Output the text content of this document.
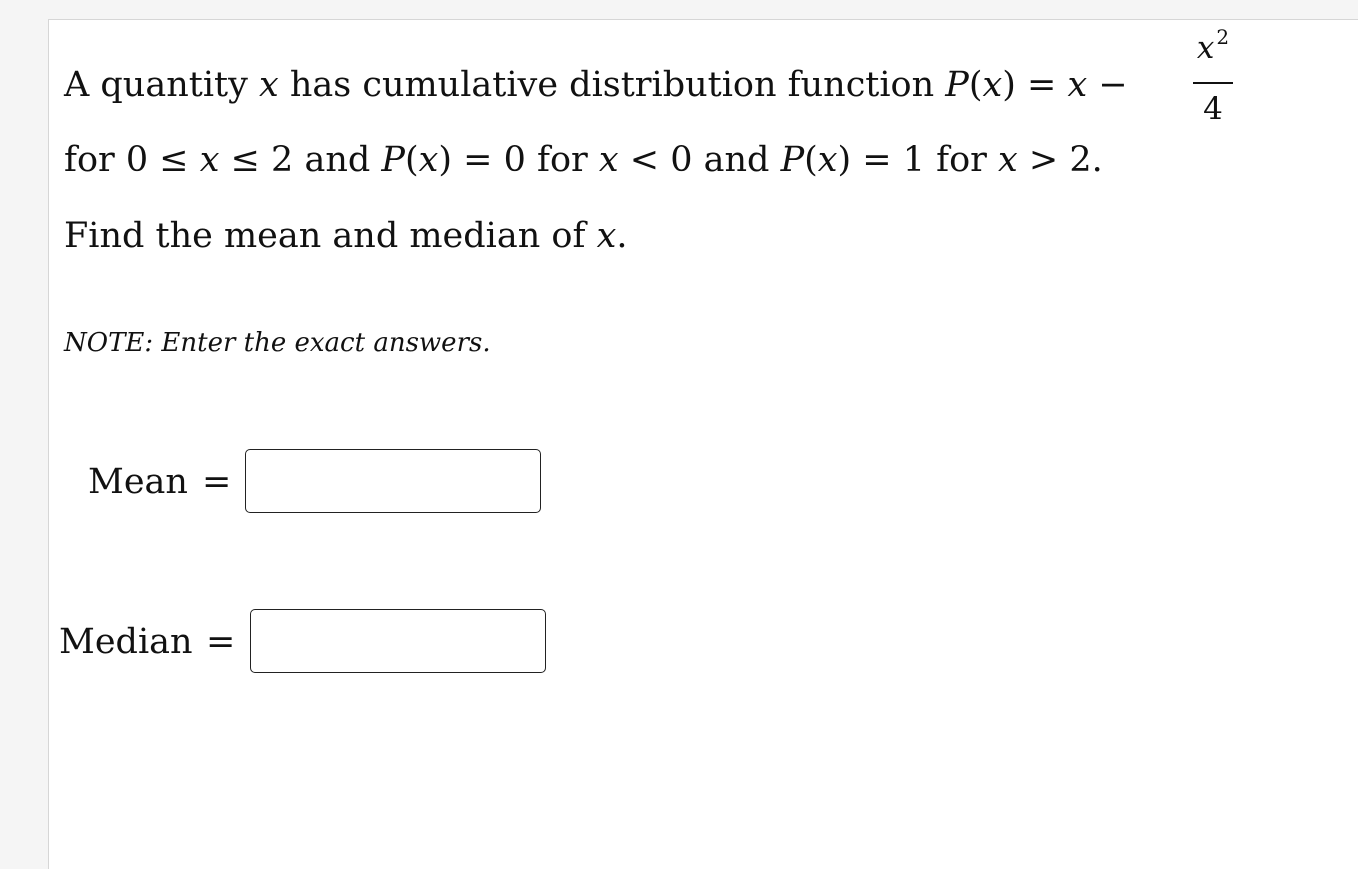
A quantity x has cumulative distribution function P(x) = x −
x $^2$
4
for 0 ≤ x ≤ 2 and P(x) = 0 for x < 0 and P(x) = 1 for x > 2.
Find the mean and median of x.
NOTE: Enter the exact answers.
Mean =
Median =
